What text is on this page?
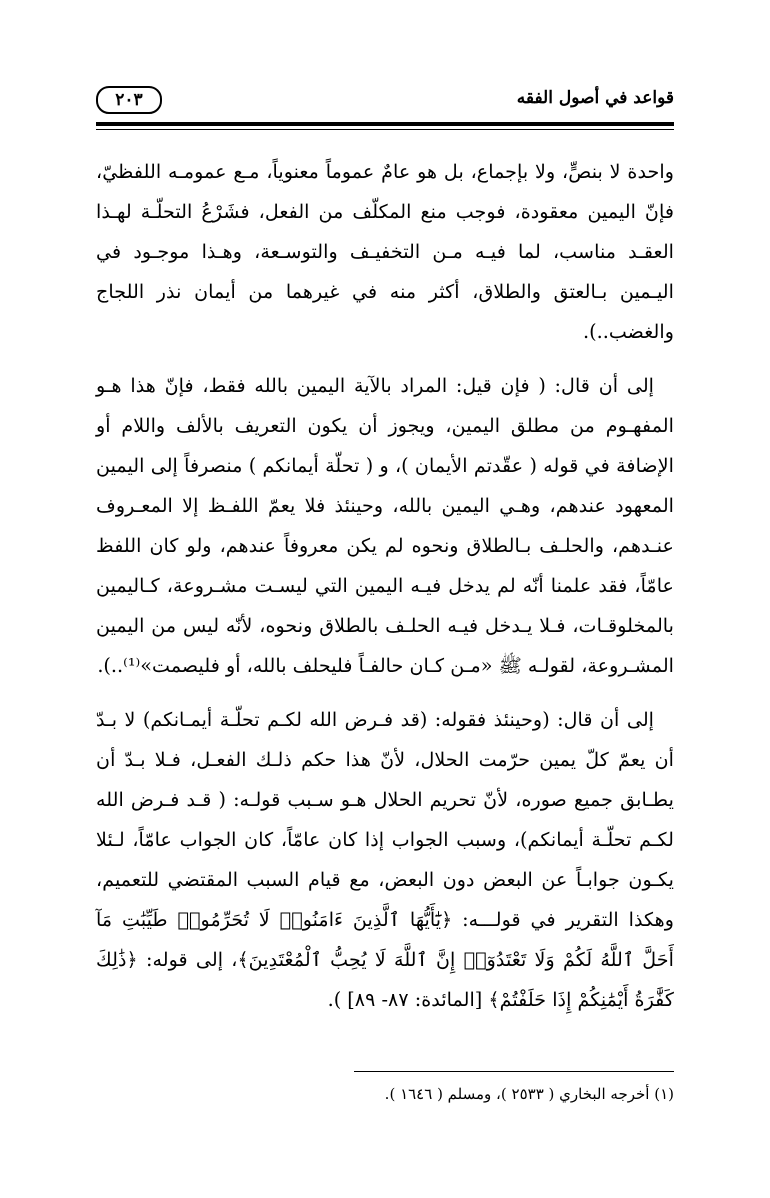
قواعد في أصول الفقه
٢٠٣

واحدة لا بنصٍّ، ولا بإجماع، بل هو عامٌ عموماً معنوياً، مـع عمومـه اللفظيّ، فإنّ اليمين معقودة، فوجب منع المكلّف من الفعل، فشَرْعُ التحلّـة لهـذا العقـد مناسب، لما فيـه مـن التخفيـف والتوسـعة، وهـذا موجـود في اليـمين بـالعتق والطلاق، أكثر منه في غيرهما من أيمان نذر اللجاج والغضب..).

إلى أن قال: ( فإن قيل: المراد بالآية اليمين بالله فقط، فإنّ هذا هـو المفهـوم من مطلق اليمين، ويجوز أن يكون التعريف بالألف واللام أو الإضافة في قوله ( عقّدتم الأيمان )، و ( تحلّة أيمانكم ) منصرفاً إلى اليمين المعهود عندهم، وهـي اليمين بالله، وحينئذ فلا يعمّ اللفـظ إلا المعـروف عنـدهم، والحلـف بـالطلاق ونحوه لم يكن معروفاً عندهم، ولو كان اللفظ عامّاً، فقد علمنا أنّه لم يدخل فيـه اليمين التي ليسـت مشـروعة، كـاليمين بالمخلوقـات، فـلا يـدخل فيـه الحلـف بالطلاق ونحوه، لأنّه ليس من اليمين المشـروعة، لقولـه ﷺ «مـن كـان حالفـاً فليحلف بالله، أو فليصمت»⁽¹⁾..).

إلى أن قال: (وحينئذ فقوله: (قد فـرض الله لكـم تحلّـة أيمـانكم) لا بـدّ أن يعمّ كلّ يمين حرّمت الحلال، لأنّ هذا حكم ذلـك الفعـل، فـلا بـدّ أن يطـابق جميع صوره، لأنّ تحريم الحلال هـو سـبب قولـه: ( قـد فـرض الله لكـم تحلّـة أيمانكم)، وسبب الجواب إذا كان عامّاً، كان الجواب عامّاً، لـئلا يكـون جوابـاً عن البعض دون البعض، مع قيام السبب المقتضي للتعميم، وهكذا التقرير في قولـــه: ﴿يَٰٓأَيُّهَا ٱلَّذِينَ ءَامَنُوا۟ لَا تُحَرِّمُوا۟ طَيِّبَٰتِ مَآ أَحَلَّ ٱللَّهُ لَكُمْ وَلَا تَعْتَدُوٓا۟ إِنَّ ٱللَّهَ لَا يُحِبُّ ٱلْمُعْتَدِينَ﴾، إلى قوله: ﴿ذَٰلِكَ كَفَّٰرَةُ أَيْمَٰنِكُمْ إِذَا حَلَفْتُمْ﴾ [المائدة: ٨٧- ٨٩] ).

(١) أخرجه البخاري ( ٢٥٣٣ )، ومسلم ( ١٦٤٦ ).
